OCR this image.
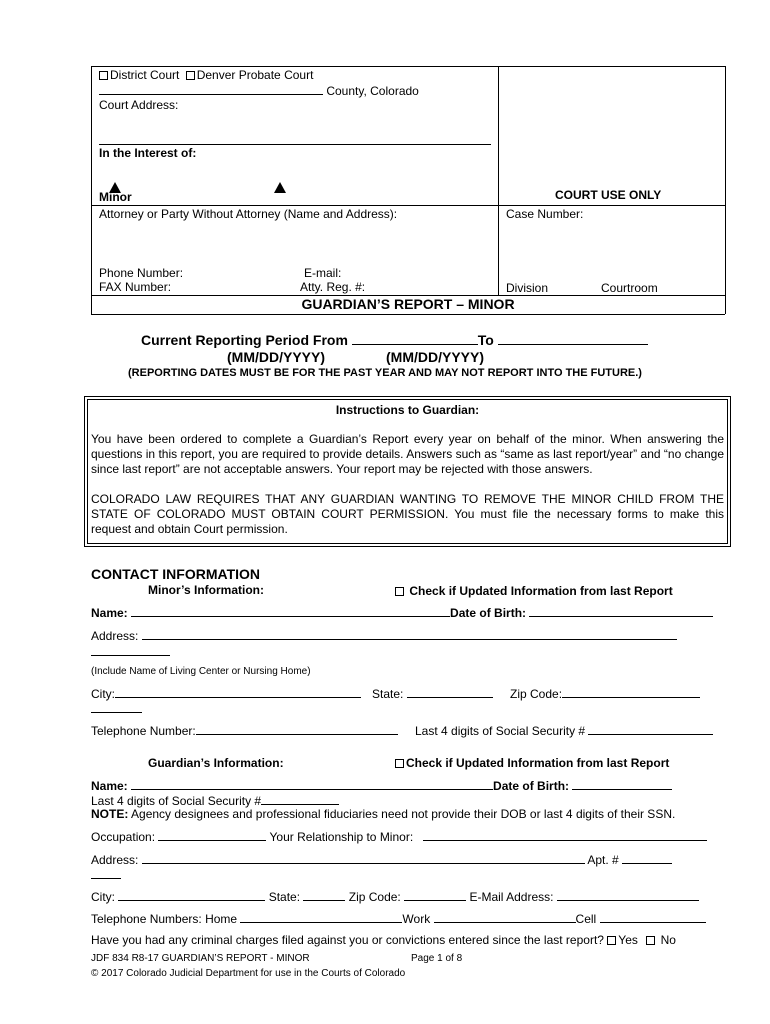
District Court Denver Probate Court
County, Colorado
Court Address:
In the Interest of:
Minor	COURT USE ONLY
Attorney or Party Without Attorney (Name and Address):	Case Number:
Phone Number:	E-mail:
FAX Number:	Atty. Reg. #:	Division	Courtroom
GUARDIAN’S REPORT – MINOR
Current Reporting Period From	To
(MM/DD/YYYY)	(MM/DD/YYYY)
(REPORTING DATES MUST BE FOR THE PAST YEAR AND MAY NOT REPORT INTO THE FUTURE.)
Instructions to Guardian:
You have been ordered to complete a Guardian’s Report every year on behalf of the minor. When answering the questions in this report, you are required to provide details. Answers such as “same as last report/year” and “no change since last report” are not acceptable answers. Your report may be rejected with those answers.
COLORADO LAW REQUIRES THAT ANY GUARDIAN WANTING TO REMOVE THE MINOR CHILD FROM THE STATE OF COLORADO MUST OBTAIN COURT PERMISSION. You must file the necessary forms to make this request and obtain Court permission.
CONTACT INFORMATION
Minor’s Information:	Check if Updated Information from last Report
Name:	Date of Birth:
Address:
(Include Name of Living Center or Nursing Home)
City:	State:	Zip Code:
Telephone Number:	Last 4 digits of Social Security #
Guardian’s Information:	Check if Updated Information from last Report
Name:	Date of Birth:
Last 4 digits of Social Security #
NOTE: Agency designees and professional fiduciaries need not provide their DOB or last 4 digits of their SSN.
Occupation:	Your Relationship to Minor:
Address:	Apt. #
City:	State:	Zip Code:	E-Mail Address:
Telephone Numbers: Home	Work	Cell
Have you had any criminal charges filed against you or convictions entered since the last report? Yes No
JDF 834 R8-17 GUARDIAN’S REPORT - MINOR	Page 1 of 8
© 2017 Colorado Judicial Department for use in the Courts of Colorado
